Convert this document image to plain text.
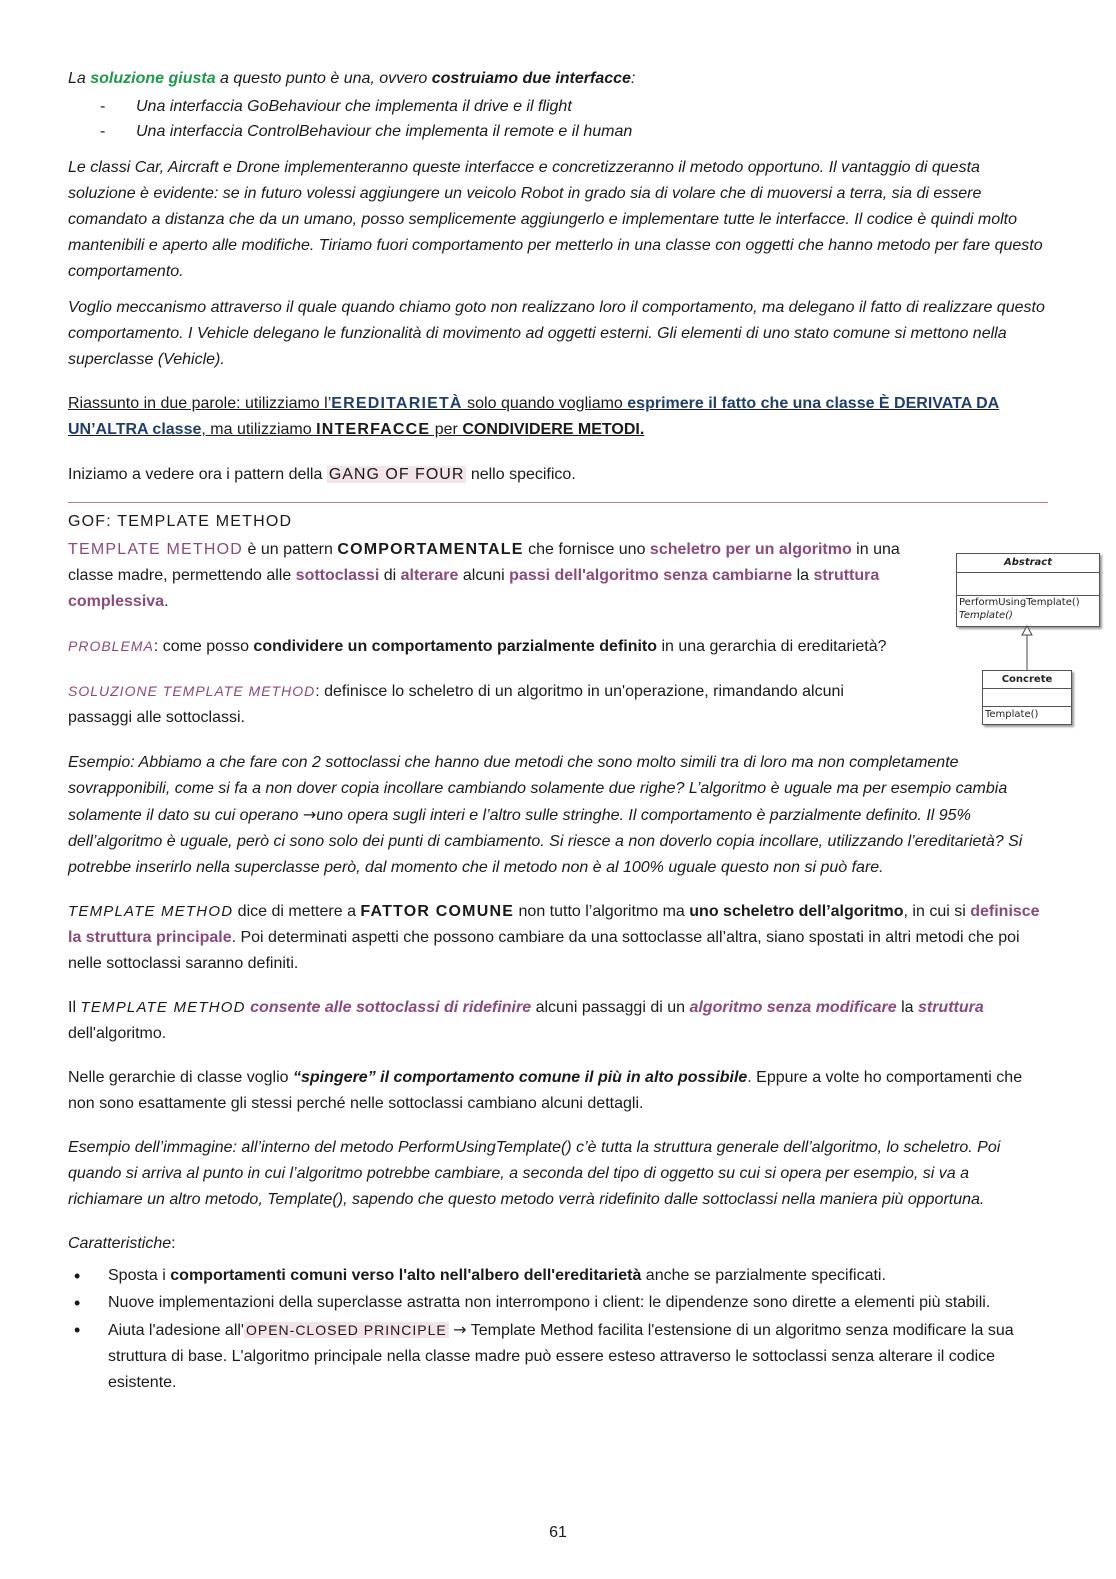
La soluzione giusta a questo punto è una, ovvero costruiamo due interfacce:

- Una interfaccia GoBehaviour che implementa il drive e il flight
- Una interfaccia ControlBehaviour che implementa il remote e il human

Le classi Car, Aircraft e Drone implementeranno queste interfacce e concretizzeranno il metodo opportuno. Il vantaggio di questa soluzione è evidente: se in futuro volessi aggiungere un veicolo Robot in grado sia di volare che di muoversi a terra, sia di essere comandato a distanza che da un umano, posso semplicemente aggiungerlo e implementare tutte le interfacce. Il codice è quindi molto mantenibili e aperto alle modifiche. Tiriamo fuori comportamento per metterlo in una classe con oggetti che hanno metodo per fare questo comportamento.

Voglio meccanismo attraverso il quale quando chiamo goto non realizzano loro il comportamento, ma delegano il fatto di realizzare questo comportamento. I Vehicle delegano le funzionalità di movimento ad oggetti esterni. Gli elementi di uno stato comune si mettono nella superclasse (Vehicle).

Riassunto in due parole: utilizziamo l’EREDITARIETÀ solo quando vogliamo esprimere il fatto che una classe È DERIVATA DA UN’ALTRA classe, ma utilizziamo INTERFACCE per CONDIVIDERE METODI.

Iniziamo a vedere ora i pattern della GANG OF FOUR nello specifico.

GOF: TEMPLATE METHOD

TEMPLATE METHOD è un pattern COMPORTAMENTALE che fornisce uno scheletro per un algoritmo in una classe madre, permettendo alle sottoclassi di alterare alcuni passi dell'algoritmo senza cambiarne la struttura complessiva.

PROBLEMA: come posso condividere un comportamento parzialmente definito in una gerarchia di ereditarietà?

SOLUZIONE TEMPLATE METHOD: definisce lo scheletro di un algoritmo in un'operazione, rimandando alcuni passaggi alle sottoclassi.

Esempio: Abbiamo a che fare con 2 sottoclassi che hanno due metodi che sono molto simili tra di loro ma non completamente sovrapponibili, come si fa a non dover copia incollare cambiando solamente due righe? L’algoritmo è uguale ma per esempio cambia solamente il dato su cui operano →uno opera sugli interi e l’altro sulle stringhe. Il comportamento è parzialmente definito. Il 95% dell’algoritmo è uguale, però ci sono solo dei punti di cambiamento. Si riesce a non doverlo copia incollare, utilizzando l’ereditarietà? Si potrebbe inserirlo nella superclasse però, dal momento che il metodo non è al 100% uguale questo non si può fare.

TEMPLATE METHOD dice di mettere a FATTOR COMUNE non tutto l’algoritmo ma uno scheletro dell’algoritmo, in cui si definisce la struttura principale. Poi determinati aspetti che possono cambiare da una sottoclasse all’altra, siano spostati in altri metodi che poi nelle sottoclassi saranno definiti.

Il TEMPLATE METHOD consente alle sottoclassi di ridefinire alcuni passaggi di un algoritmo senza modificare la struttura
dell'algoritmo.

Nelle gerarchie di classe voglio “spingere” il comportamento comune il più in alto possibile. Eppure a volte ho comportamenti che non sono esattamente gli stessi perché nelle sottoclassi cambiano alcuni dettagli.

Esempio dell’immagine: all’interno del metodo PerformUsingTemplate() c’è tutta la struttura generale dell’algoritmo, lo scheletro. Poi quando si arriva al punto in cui l’algoritmo potrebbe cambiare, a seconda del tipo di oggetto su cui si opera per esempio, si va a richiamare un altro metodo, Template(), sapendo che questo metodo verrà ridefinito dalle sottoclassi nella maniera più opportuna.

Caratteristiche:

• Sposta i comportamenti comuni verso l'alto nell'albero dell'ereditarietà anche se parzialmente specificati.
• Nuove implementazioni della superclasse astratta non interrompono i client: le dipendenze sono dirette a elementi più stabili.
• Aiuta l'adesione all' OPEN-CLOSED PRINCIPLE → Template Method facilita l'estensione di un algoritmo senza modificare la sua struttura di base. L'algoritmo principale nella classe madre può essere esteso attraverso le sottoclassi senza alterare il codice esistente.
Abstract
PerformUsingTemplate()
Template()
Concrete
Template()
61
